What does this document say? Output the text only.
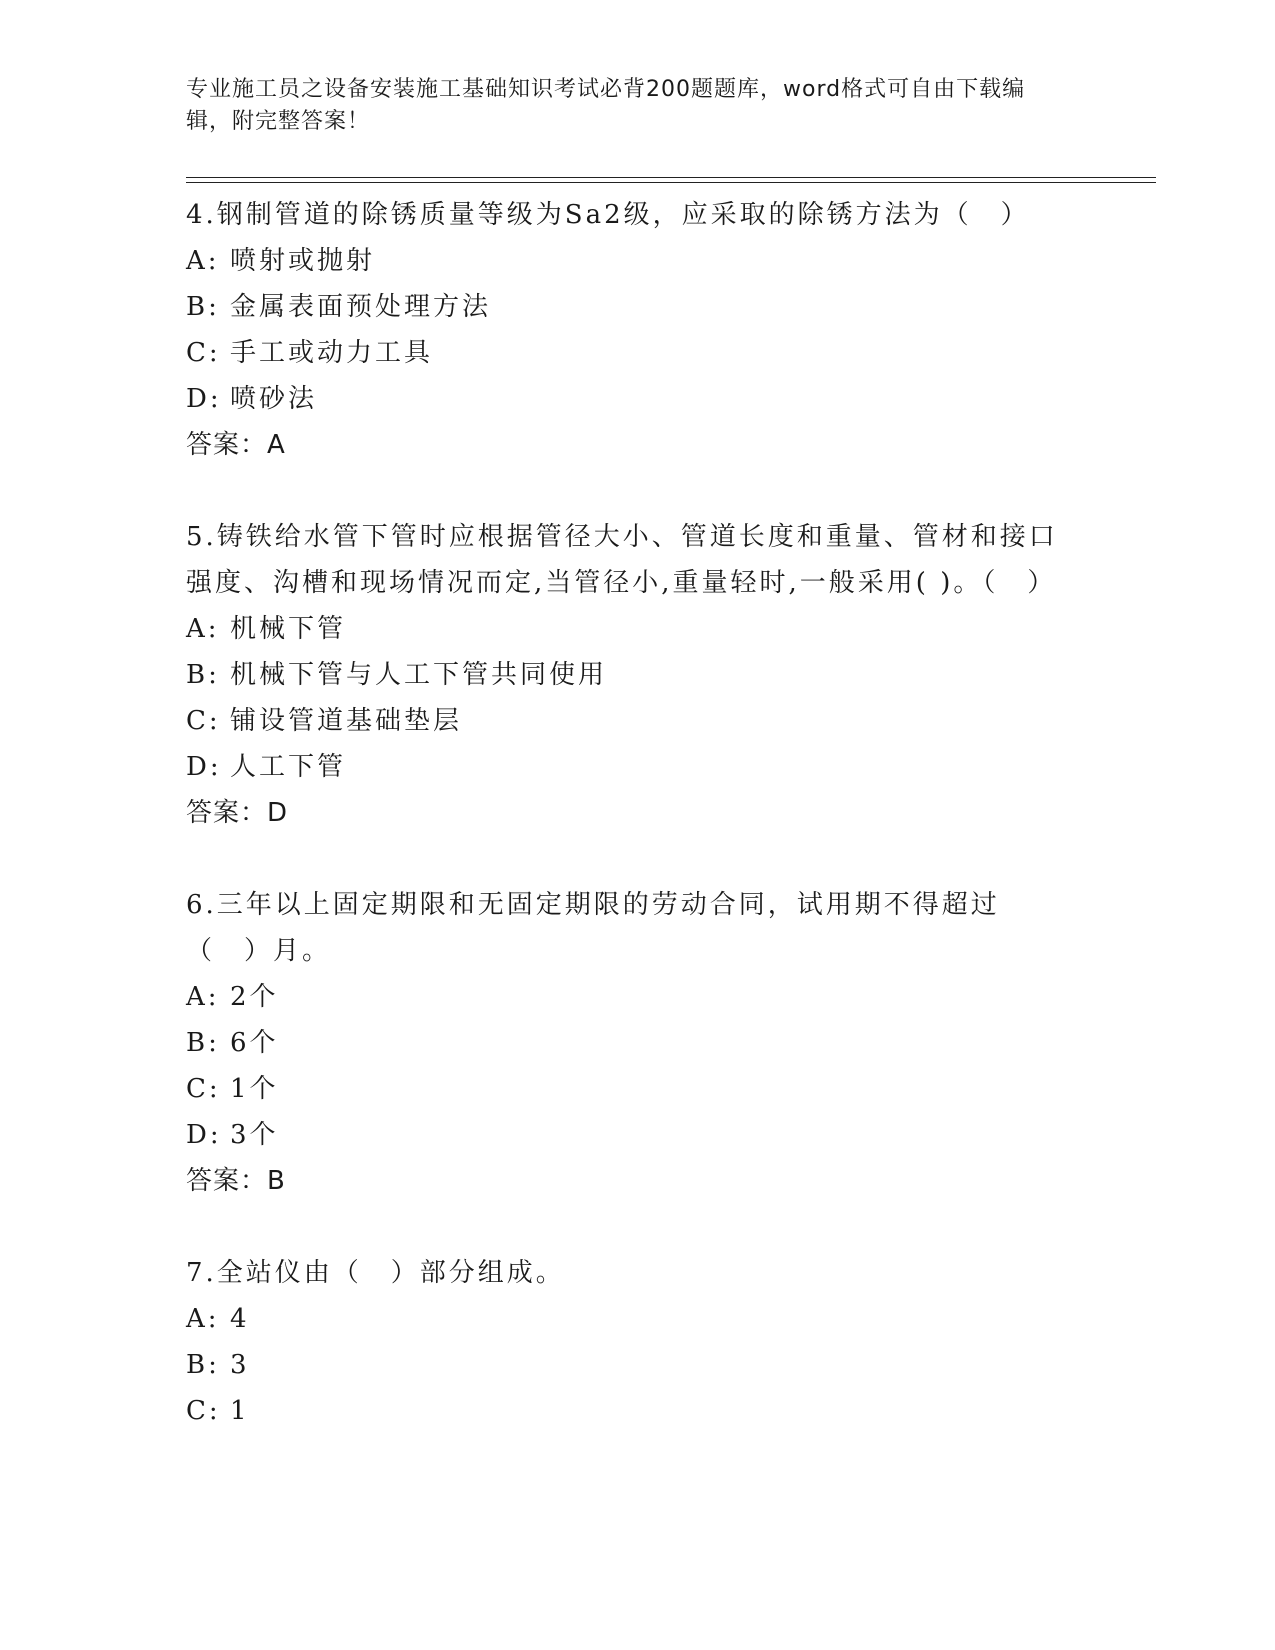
专业施工员之设备安装施工基础知识考试必背200题题库，word格式可自由下载编辑，附完整答案！

4.钢制管道的除锈质量等级为Sa2级，应采取的除锈方法为（　）

A: 喷射或抛射

B: 金属表面预处理方法

C: 手工或动力工具

D: 喷砂法

答案：A

5.铸铁给水管下管时应根据管径大小、管道长度和重量、管材和接口强度、沟槽和现场情况而定,当管径小,重量轻时,一般采用( )。（　）

A: 机械下管

B: 机械下管与人工下管共同使用

C: 铺设管道基础垫层

D: 人工下管

答案：D

6.三年以上固定期限和无固定期限的劳动合同，试用期不得超过（　）月。

A: 2个

B: 6个

C: 1个

D: 3个

答案：B

7.全站仪由（　）部分组成。

A: 4

B: 3

C: 1
